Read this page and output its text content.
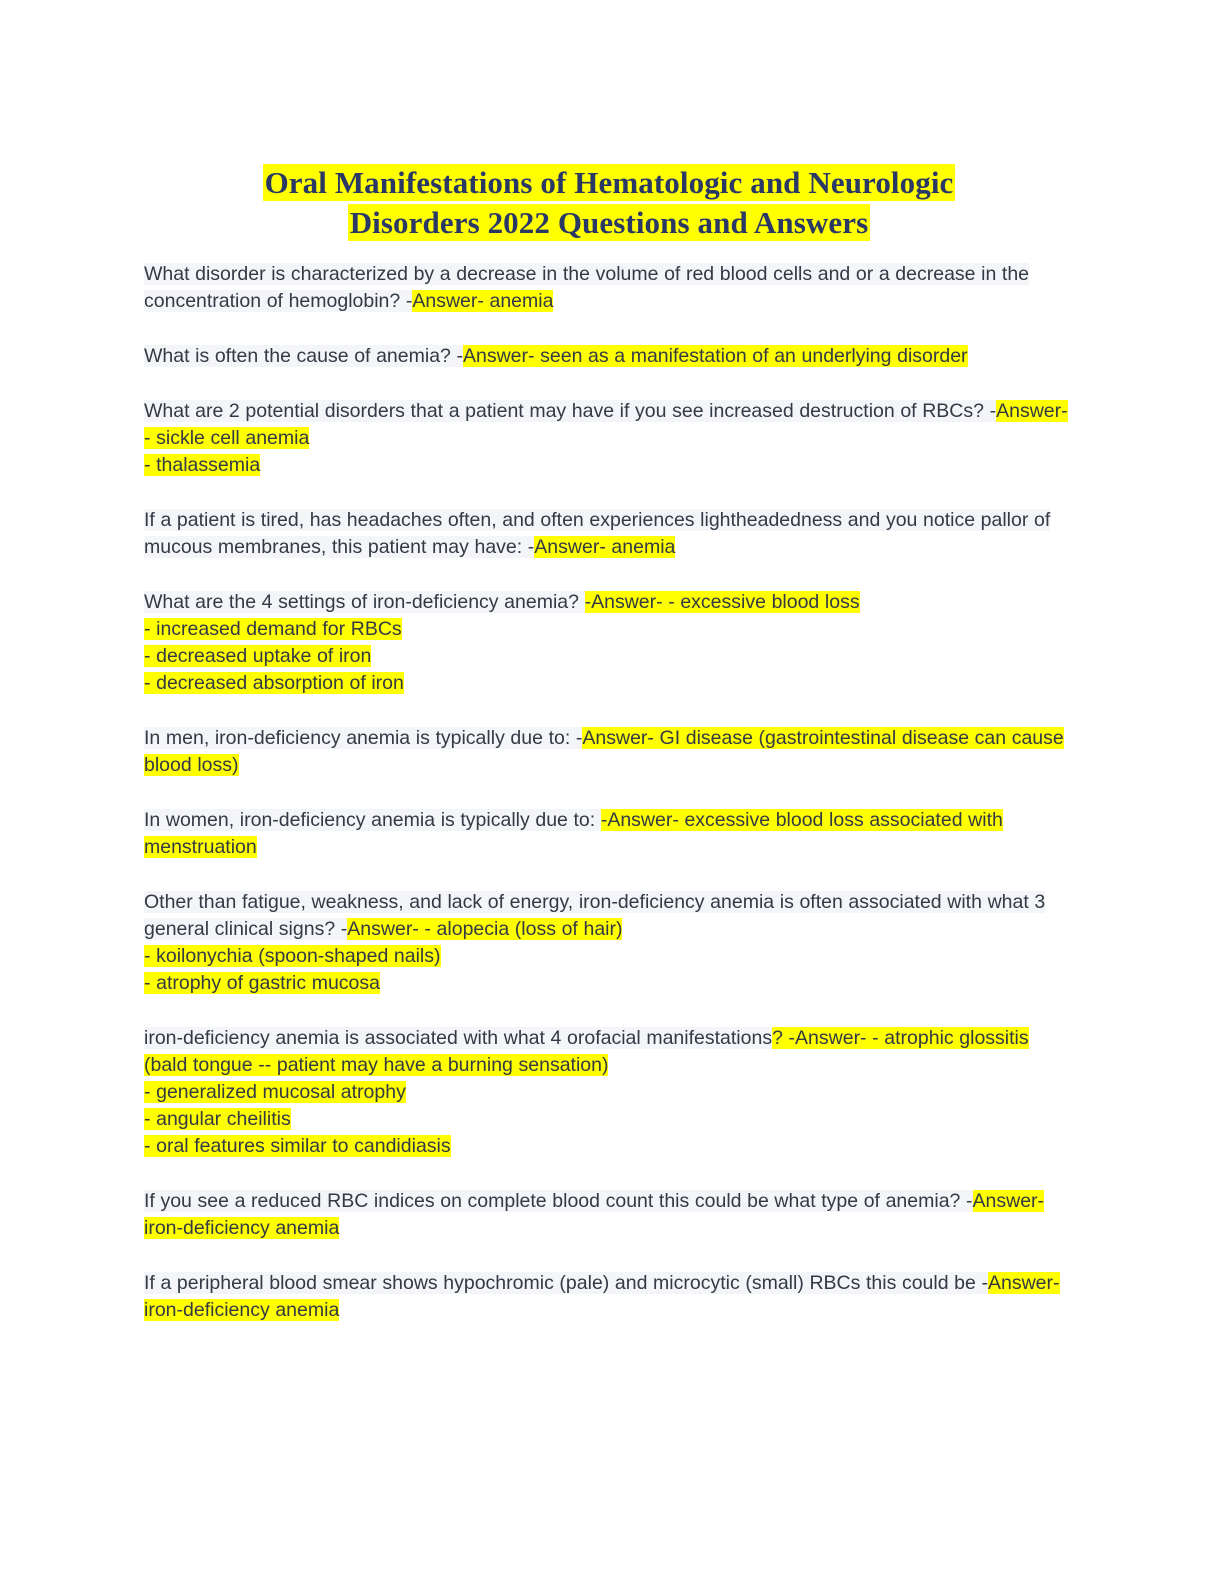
Oral Manifestations of Hematologic and Neurologic
Disorders 2022 Questions and Answers
What disorder is characterized by a decrease in the volume of red blood cells and or a decrease in the concentration of hemoglobin? -Answer- anemia
What is often the cause of anemia? -Answer- seen as a manifestation of an underlying disorder
What are 2 potential disorders that a patient may have if you see increased destruction of RBCs? -Answer- - sickle cell anemia
- thalassemia
If a patient is tired, has headaches often, and often experiences lightheadedness and you notice pallor of mucous membranes, this patient may have: -Answer- anemia
What are the 4 settings of iron-deficiency anemia? -Answer- - excessive blood loss
- increased demand for RBCs
- decreased uptake of iron
- decreased absorption of iron
In men, iron-deficiency anemia is typically due to: -Answer- GI disease (gastrointestinal disease can cause blood loss)
In women, iron-deficiency anemia is typically due to: -Answer- excessive blood loss associated with menstruation
Other than fatigue, weakness, and lack of energy, iron-deficiency anemia is often associated with what 3 general clinical signs? -Answer- - alopecia (loss of hair)
- koilonychia (spoon-shaped nails)
- atrophy of gastric mucosa
iron-deficiency anemia is associated with what 4 orofacial manifestations? -Answer- - atrophic glossitis (bald tongue -- patient may have a burning sensation)
- generalized mucosal atrophy
- angular cheilitis
- oral features similar to candidiasis
If you see a reduced RBC indices on complete blood count this could be what type of anemia? -Answer- iron-deficiency anemia
If a peripheral blood smear shows hypochromic (pale) and microcytic (small) RBCs this could be -Answer- iron-deficiency anemia
